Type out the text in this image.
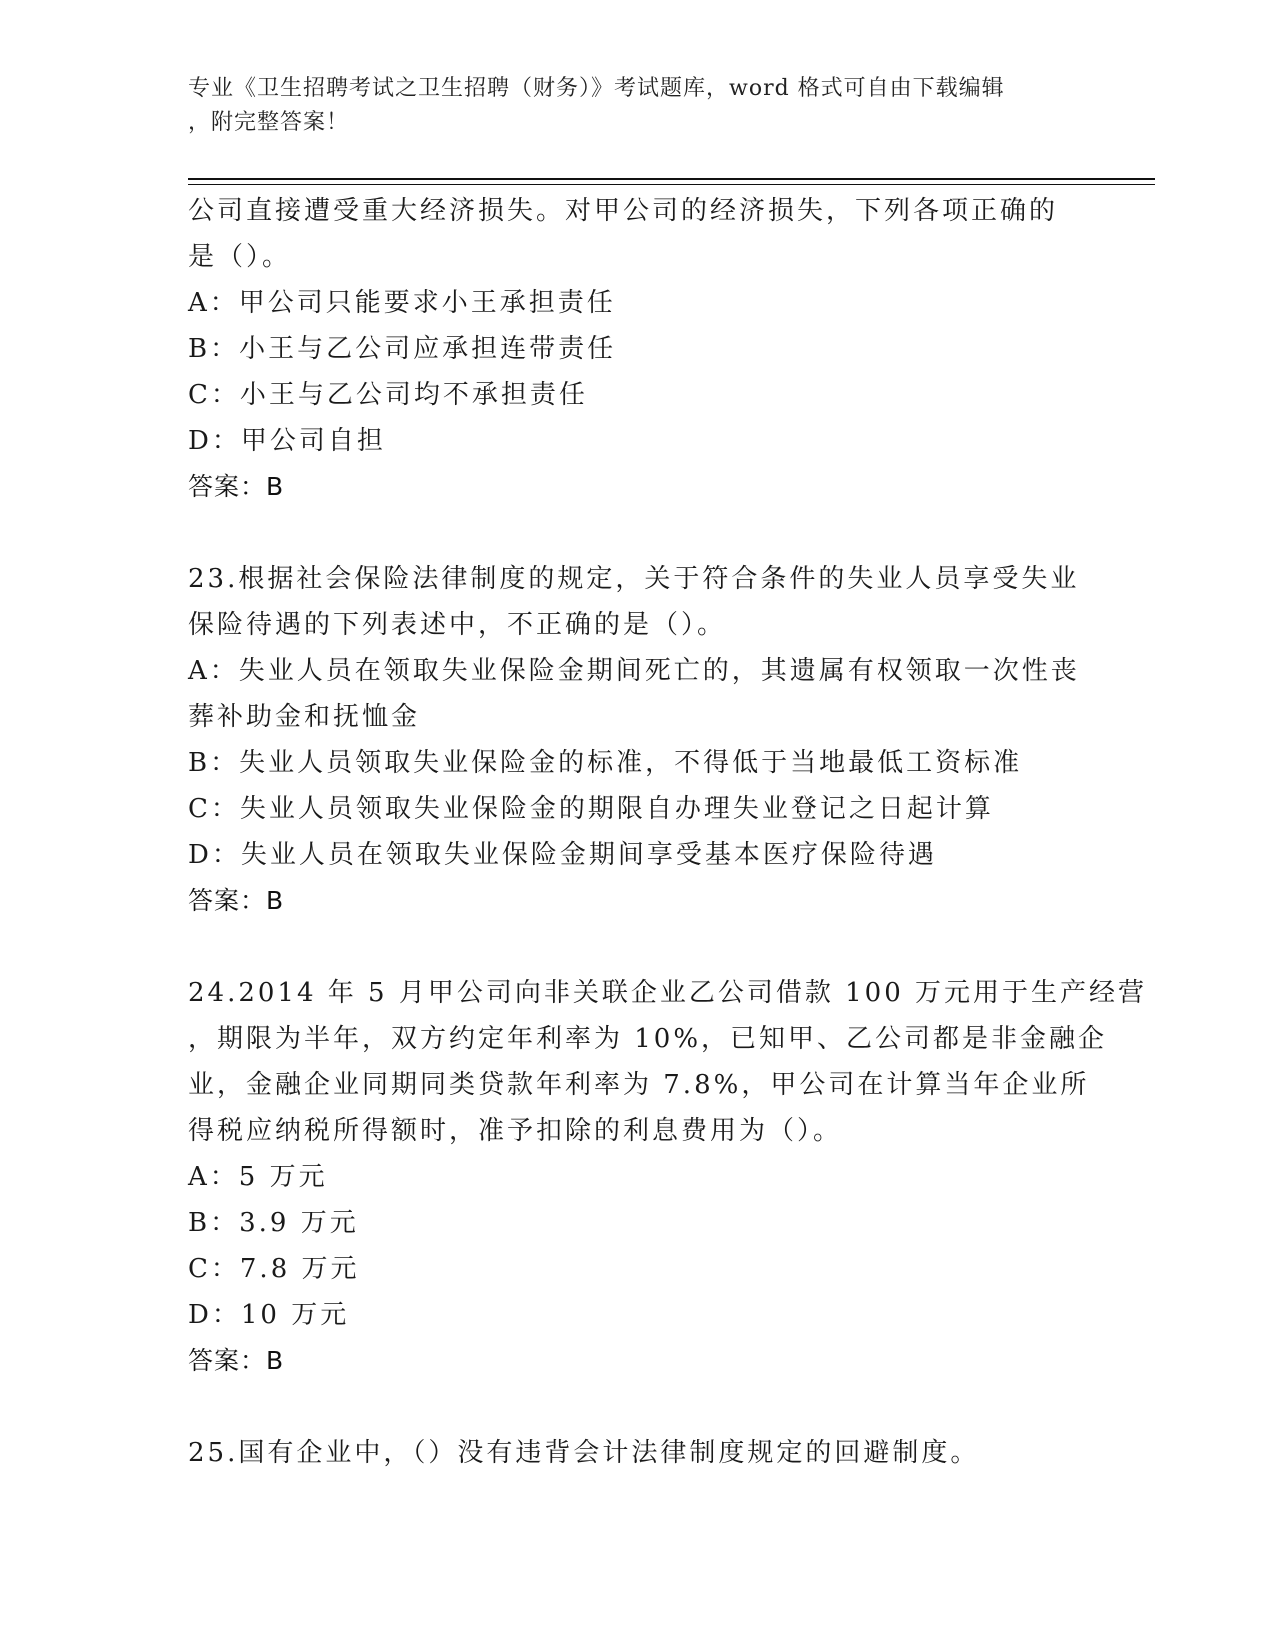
专业《卫生招聘考试之卫生招聘（财务）》考试题库，word 格式可自由下载编辑
，附完整答案！
公司直接遭受重大经济损失。对甲公司的经济损失，下列各项正确的
是（）。
A：甲公司只能要求小王承担责任
B：小王与乙公司应承担连带责任
C：小王与乙公司均不承担责任
D：甲公司自担
答案：B
23.根据社会保险法律制度的规定，关于符合条件的失业人员享受失业
保险待遇的下列表述中，不正确的是（）。
A：失业人员在领取失业保险金期间死亡的，其遗属有权领取一次性丧
葬补助金和抚恤金
B：失业人员领取失业保险金的标准，不得低于当地最低工资标准
C：失业人员领取失业保险金的期限自办理失业登记之日起计算
D：失业人员在领取失业保险金期间享受基本医疗保险待遇
答案：B
24.2014 年 5 月甲公司向非关联企业乙公司借款 100 万元用于生产经营
，期限为半年，双方约定年利率为 10%，已知甲、乙公司都是非金融企
业，金融企业同期同类贷款年利率为 7.8%，甲公司在计算当年企业所
得税应纳税所得额时，准予扣除的利息费用为（）。
A：5 万元
B：3.9 万元
C：7.8 万元
D：10 万元
答案：B
25.国有企业中，（）没有违背会计法律制度规定的回避制度。
